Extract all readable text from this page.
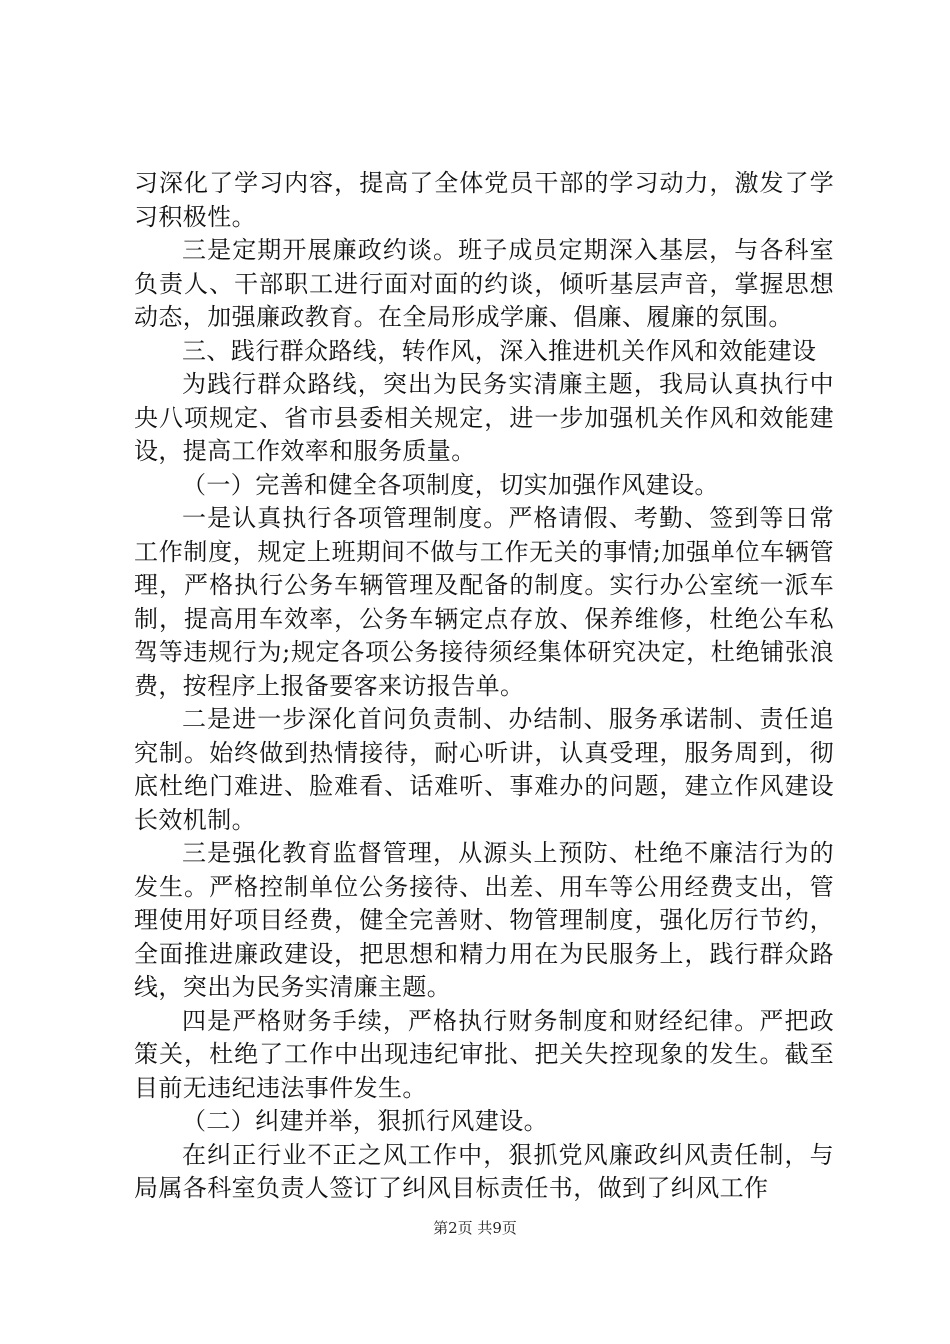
习深化了学习内容，提高了全体党员干部的学习动力，激发了学习积极性。

三是定期开展廉政约谈。班子成员定期深入基层，与各科室负责人、干部职工进行面对面的约谈，倾听基层声音，掌握思想动态，加强廉政教育。在全局形成学廉、倡廉、履廉的氛围。

三、践行群众路线，转作风，深入推进机关作风和效能建设

为践行群众路线，突出为民务实清廉主题，我局认真执行中央八项规定、省市县委相关规定，进一步加强机关作风和效能建设，提高工作效率和服务质量。

（一）完善和健全各项制度，切实加强作风建设。

一是认真执行各项管理制度。严格请假、考勤、签到等日常工作制度，规定上班期间不做与工作无关的事情;加强单位车辆管理，严格执行公务车辆管理及配备的制度。实行办公室统一派车制，提高用车效率，公务车辆定点存放、保养维修，杜绝公车私驾等违规行为;规定各项公务接待须经集体研究决定，杜绝铺张浪费，按程序上报备要客来访报告单。

二是进一步深化首问负责制、办结制、服务承诺制、责任追究制。始终做到热情接待，耐心听讲，认真受理，服务周到，彻底杜绝门难进、脸难看、话难听、事难办的问题，建立作风建设长效机制。

三是强化教育监督管理，从源头上预防、杜绝不廉洁行为的发生。严格控制单位公务接待、出差、用车等公用经费支出，管理使用好项目经费，健全完善财、物管理制度，强化厉行节约，全面推进廉政建设，把思想和精力用在为民服务上，践行群众路线，突出为民务实清廉主题。

四是严格财务手续，严格执行财务制度和财经纪律。严把政策关，杜绝了工作中出现违纪审批、把关失控现象的发生。截至目前无违纪违法事件发生。

（二）纠建并举，狠抓行风建设。

在纠正行业不正之风工作中，狠抓党风廉政纠风责任制，与局属各科室负责人签订了纠风目标责任书，做到了纠风工作

第2页 共9页
